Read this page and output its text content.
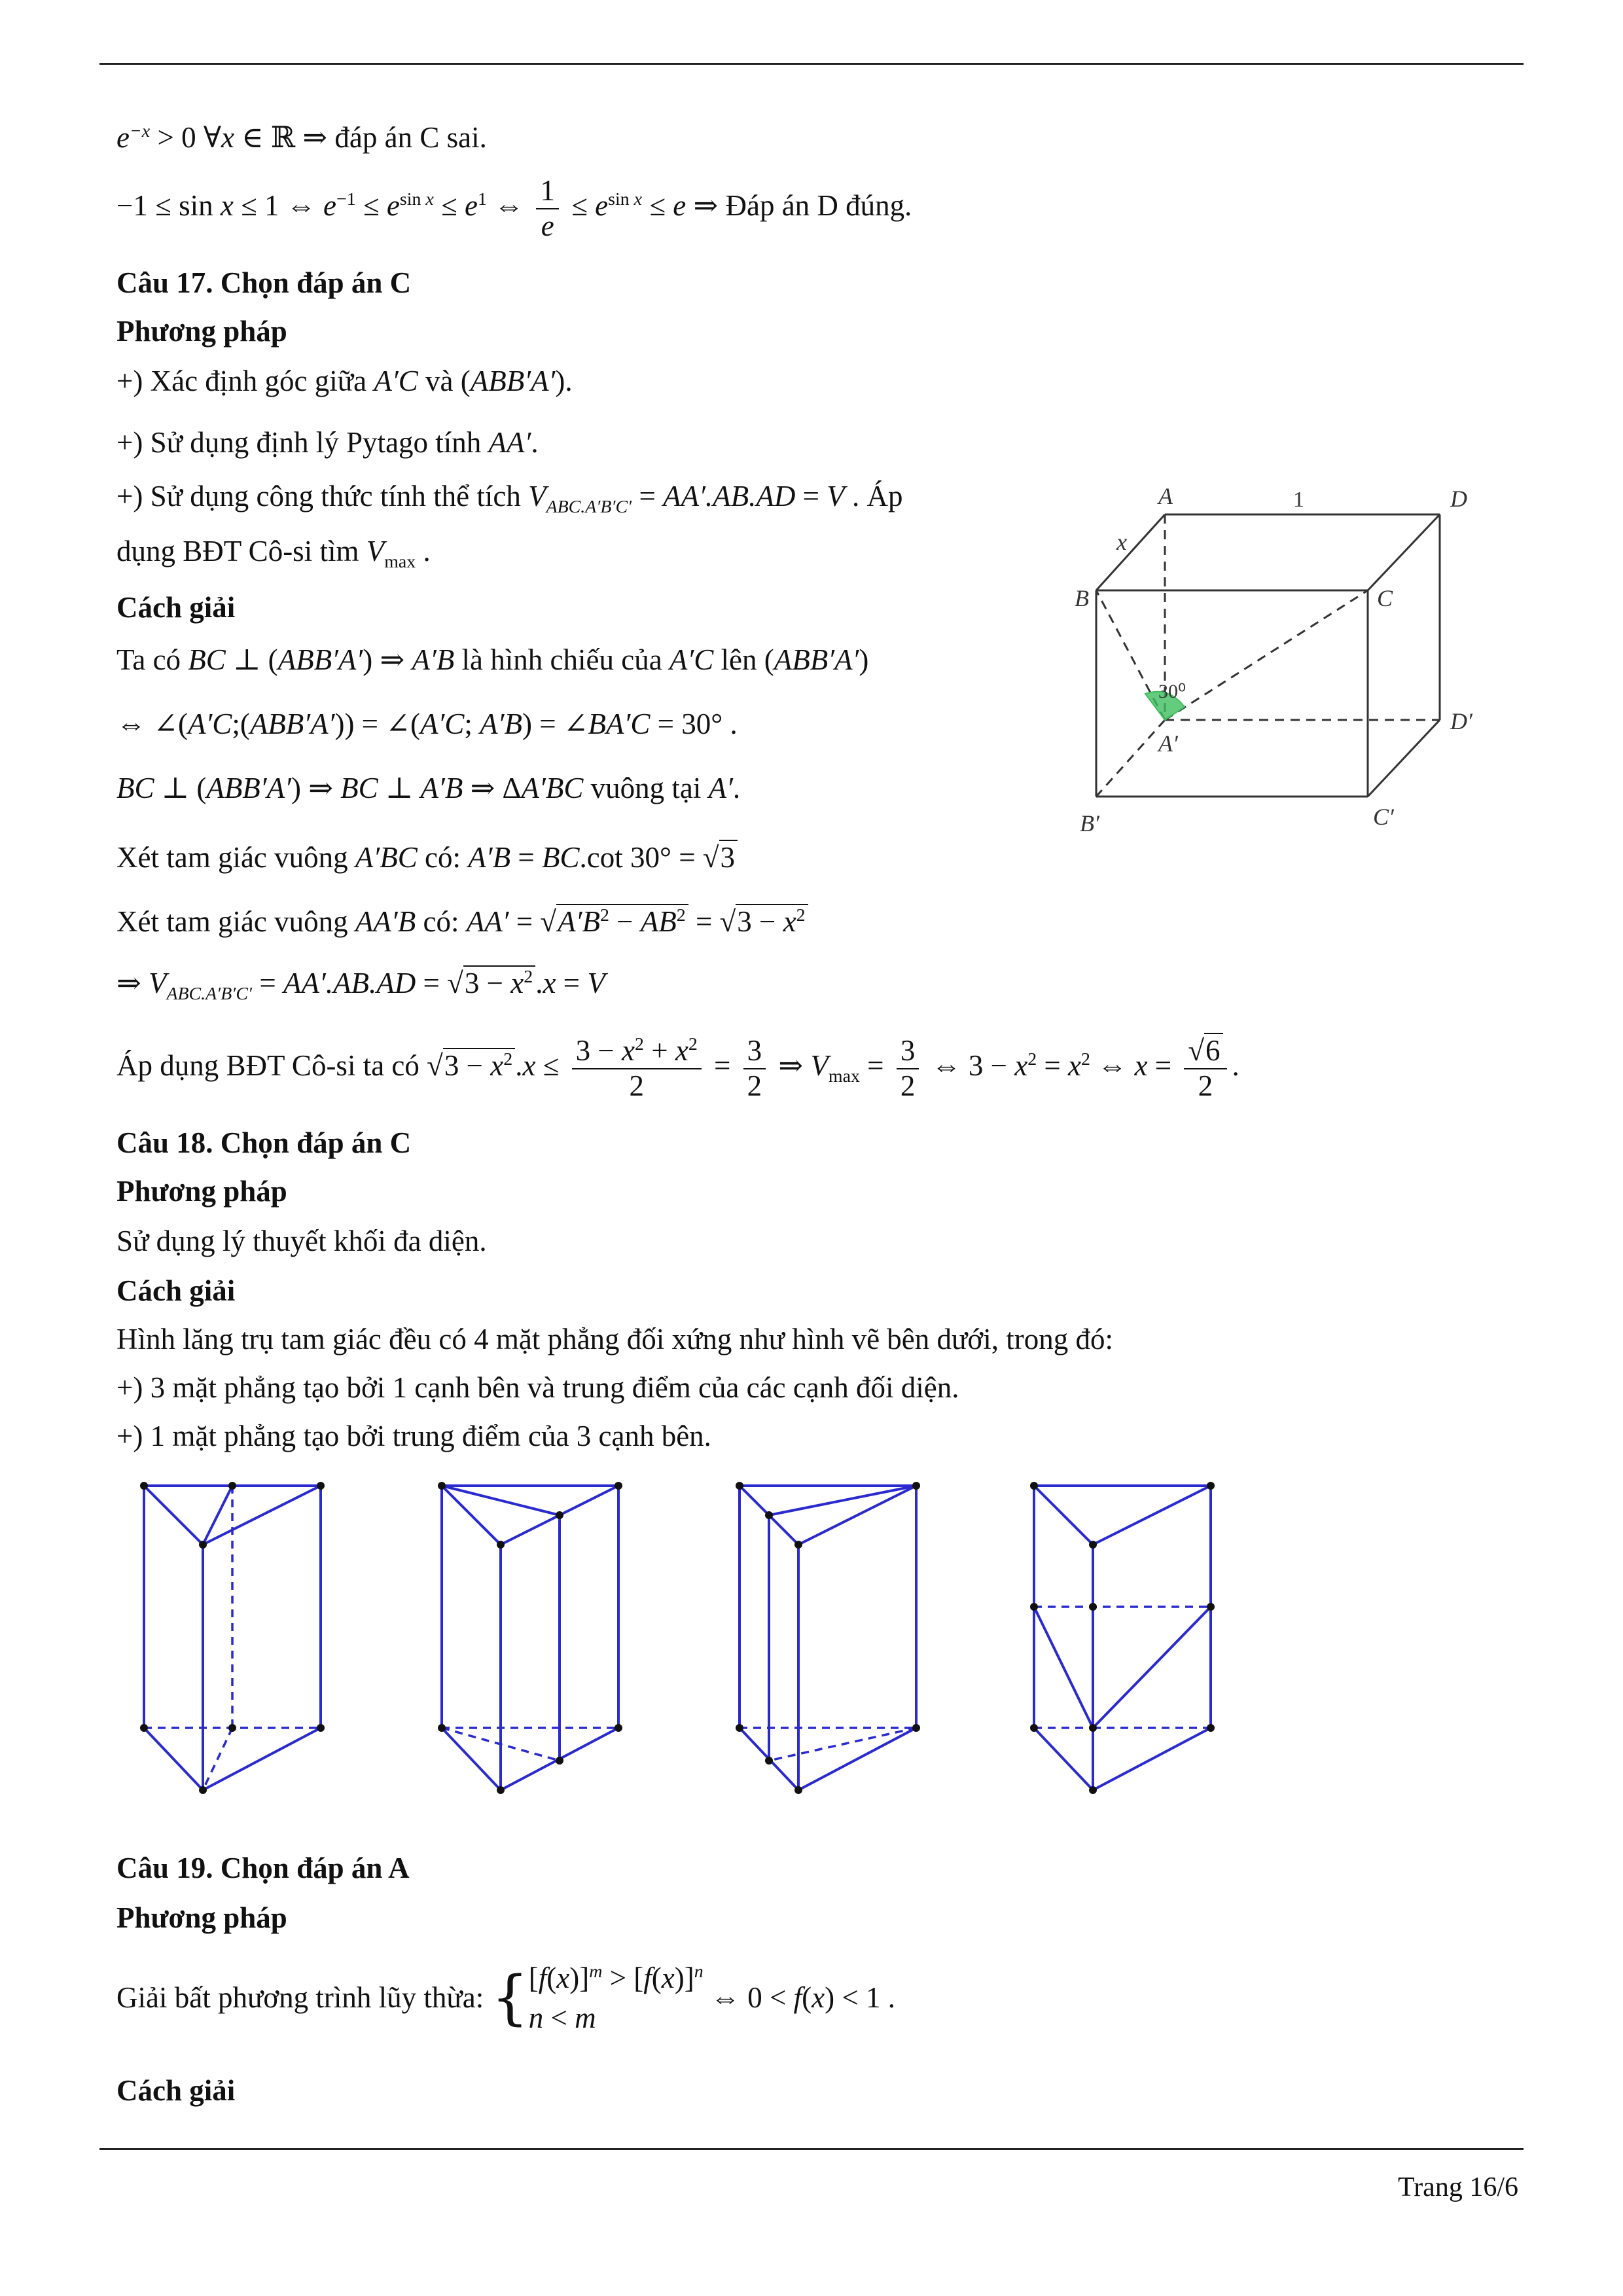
$e^{-x} > 0$ ∀x ∈ ℝ ⇒ đáp án C sai.
−1 ≤ sin x ≤ 1 ⇔ $e^{-1} \le e^{sin x} \le e^1$ ⇔ $\frac{1}{e} \le e^{sin x} \le e$ ⇒ Đáp án D đúng.
Câu 17. Chọn đáp án C
Phương pháp
+) Xác định góc giữa A′C và (ABB′A′).
+) Sử dụng định lý Pytago tính AA′.
+) Sử dụng công thức tính thể tích $V_{ABC.A'B'C'} = AA'.AB.AD = V$ . Áp
dụng BĐT Cô-si tìm $V_{max}$ .
Cách giải
Ta có BC ⊥ (ABB′A′) ⇒ A′B là hình chiếu của A′C lên (ABB′A′)
⇔ ∠(A′C;(ABB′A′)) = ∠(A′C; A′B) = ∠BA′C = 30° .
BC ⊥ (ABB′A′) ⇒ BC ⊥ A′B ⇒ ΔA′BC vuông tại A′.
Xét tam giác vuông A′BC có: A′B = BC.cot 30° = √3
Xét tam giác vuông AA′B có: $AA' = √A'B^2 - AB^2 = √3 - x^2$
⇒ $V_{ABC.A'B'C'} = AA'.AB.AD = √3 - x^2.x = V$
Áp dụng BĐT Cô-si ta có $√3 - x^2.x \le \frac{3 - x^2 + x^2}{2} = \frac{3}{2}$ ⇒ $V_{max} = \frac{3}{2}$ ⇔ $3 - x^2 = x^2$ ⇔ $x = \frac{√6}{2}$ .
A
B	C
D
A′
B′	C′
D′
x
1
30⁰
Câu 18. Chọn đáp án C
Phương pháp
Sử dụng lý thuyết khối đa diện.
Cách giải
Hình lăng trụ tam giác đều có 4 mặt phẳng đối xứng như hình vẽ bên dưới, trong đó:
+) 3 mặt phẳng tạo bởi 1 cạnh bên và trung điểm của các cạnh đối diện.
+) 1 mặt phẳng tạo bởi trung điểm của 3 cạnh bên.
Câu 19. Chọn đáp án A
Phương pháp
Giải bất phương trình lũy thừa: { $[f(x)]^m > [f(x)]^n$
n < m
⇔ 0 < f(x) < 1 .
Cách giải
Trang 16/6
